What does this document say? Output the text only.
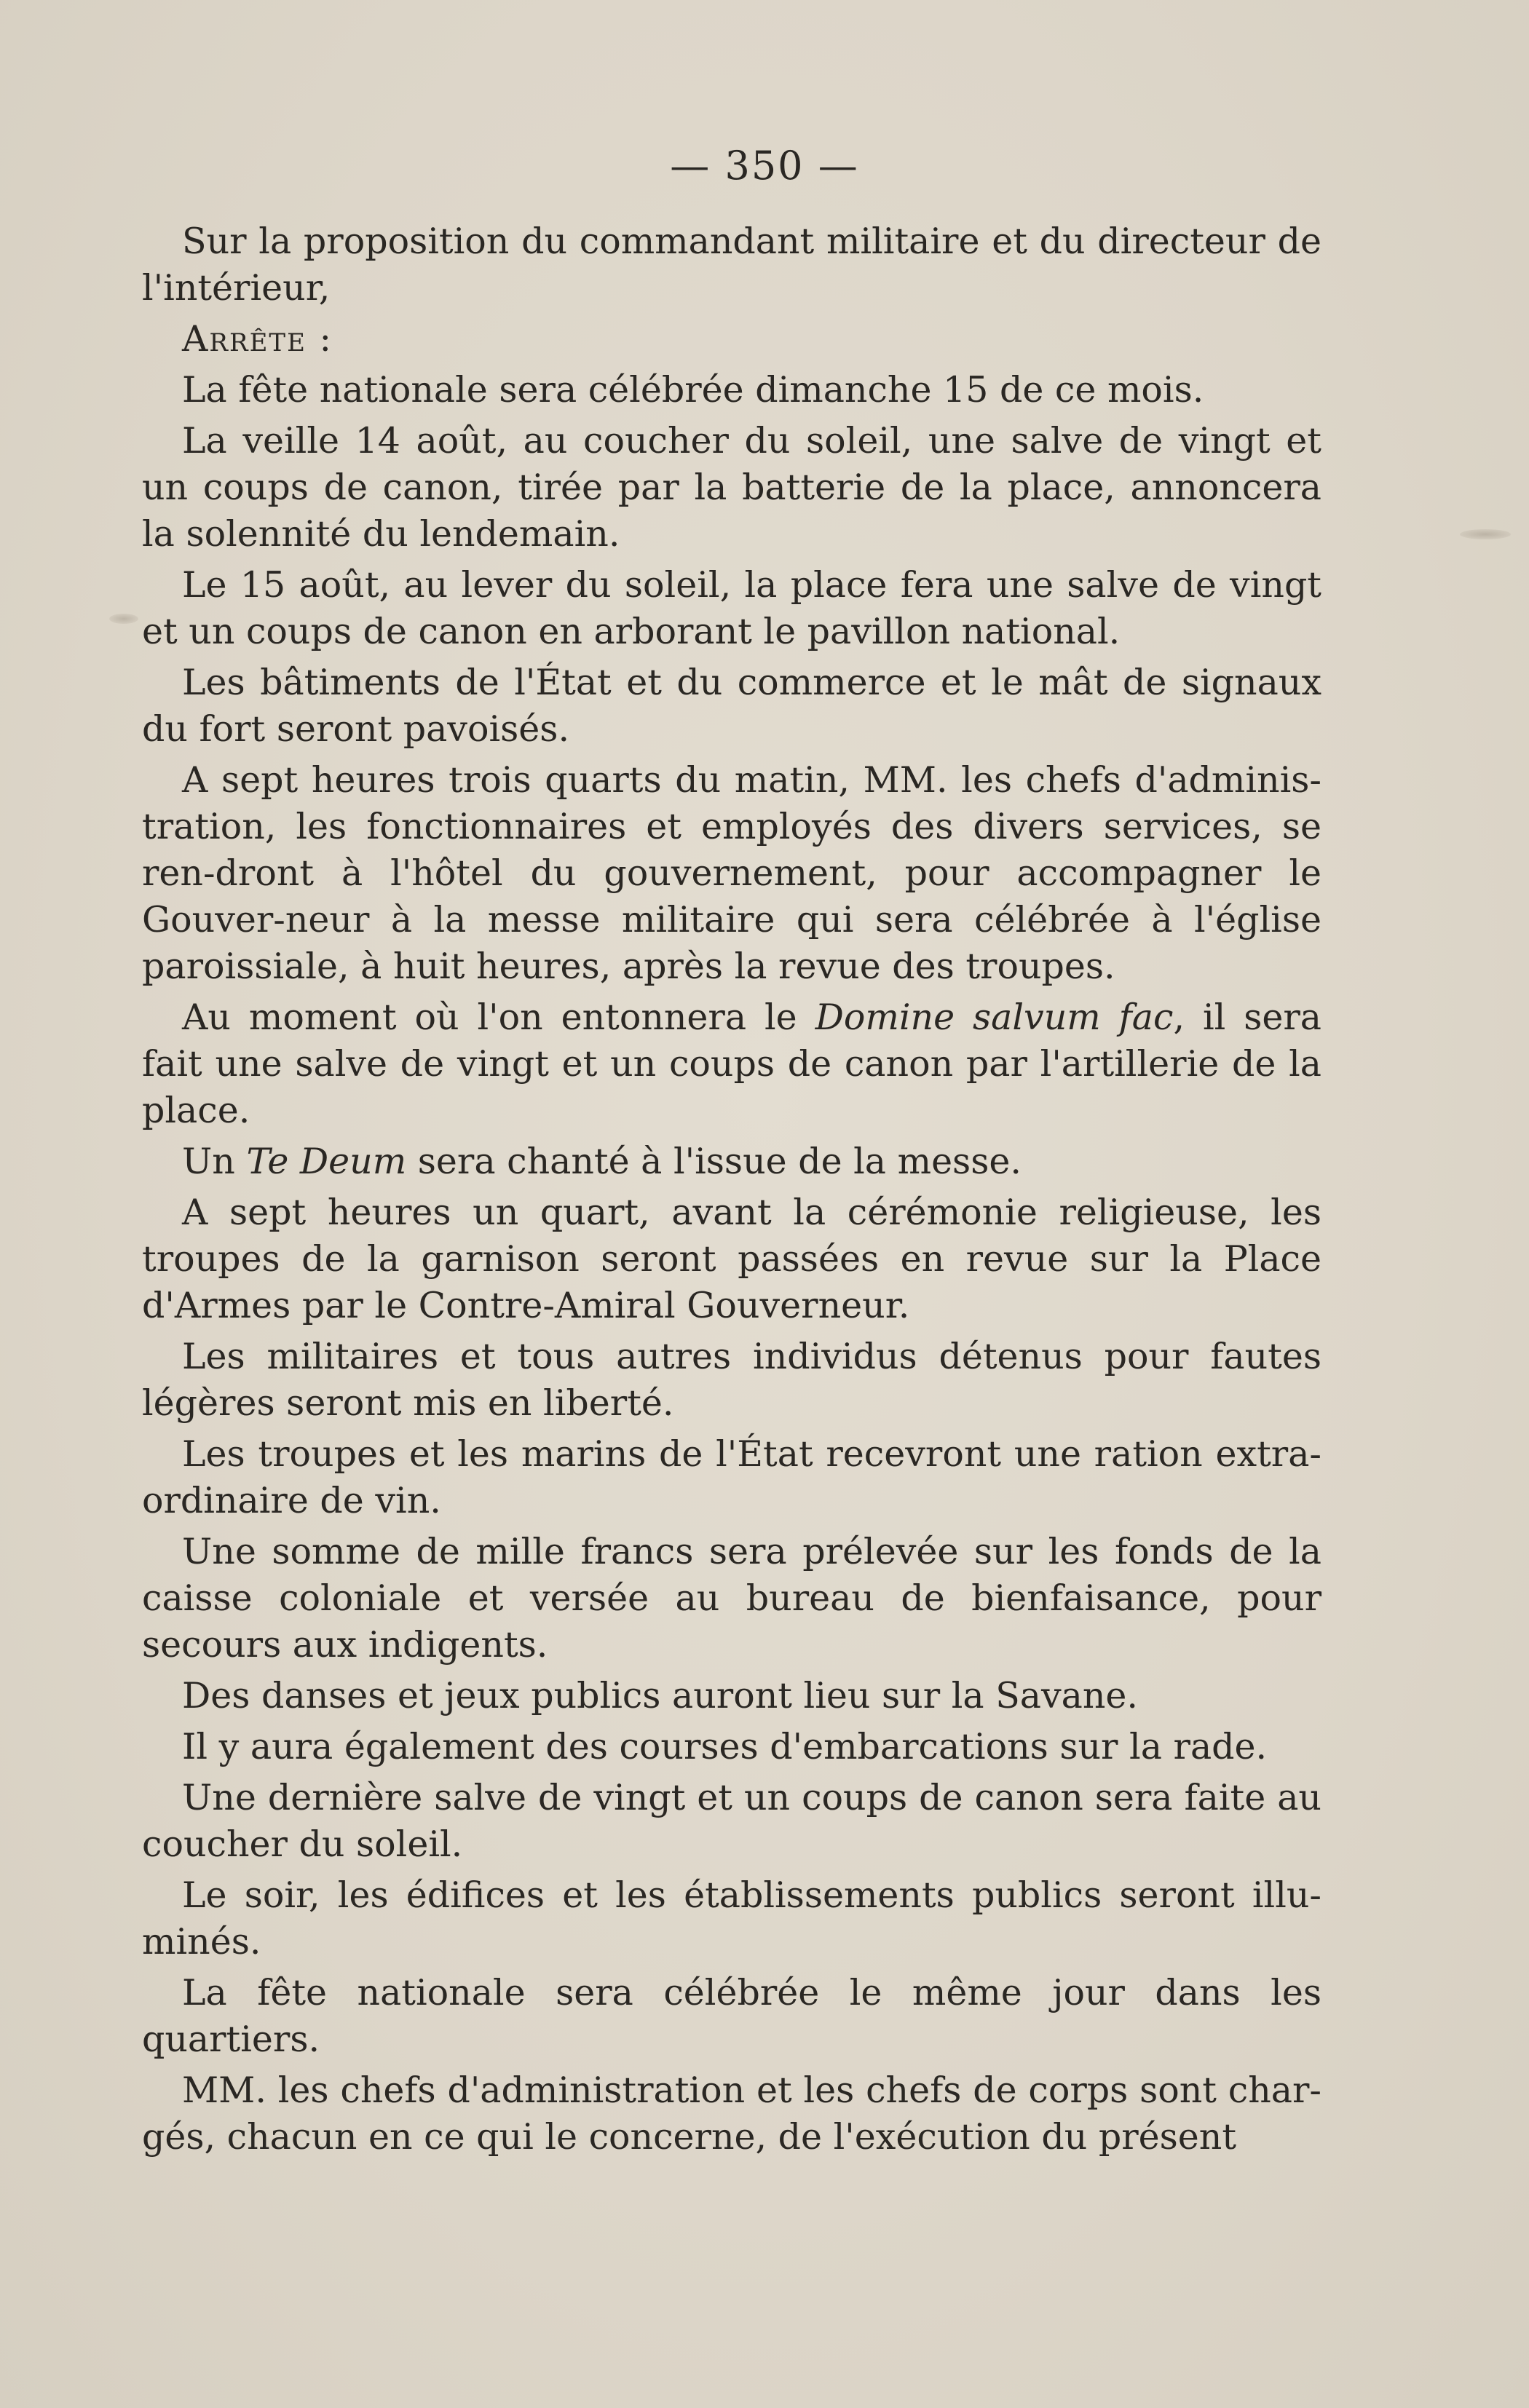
— 350 —

Sur la proposition du commandant militaire et du directeur de l'intérieur,

Arrête :

La fête nationale sera célébrée dimanche 15 de ce mois.

La veille 14 août, au coucher du soleil, une salve de vingt et un coups de canon, tirée par la batterie de la place, annoncera la solennité du lendemain.

Le 15 août, au lever du soleil, la place fera une salve de vingt et un coups de canon en arborant le pavillon national.

Les bâtiments de l'État et du commerce et le mât de signaux du fort seront pavoisés.

A sept heures trois quarts du matin, MM. les chefs d'adminis-tration, les fonctionnaires et employés des divers services, se ren-dront à l'hôtel du gouvernement, pour accompagner le Gouver-neur à la messe militaire qui sera célébrée à l'église paroissiale, à huit heures, après la revue des troupes.

Au moment où l'on entonnera le Domine salvum fac, il sera fait une salve de vingt et un coups de canon par l'artillerie de la place.

Un Te Deum sera chanté à l'issue de la messe.

A sept heures un quart, avant la cérémonie religieuse, les troupes de la garnison seront passées en revue sur la Place d'Armes par le Contre-Amiral Gouverneur.

Les militaires et tous autres individus détenus pour fautes légères seront mis en liberté.

Les troupes et les marins de l'État recevront une ration extra-ordinaire de vin.

Une somme de mille francs sera prélevée sur les fonds de la caisse coloniale et versée au bureau de bienfaisance, pour secours aux indigents.

Des danses et jeux publics auront lieu sur la Savane.

Il y aura également des courses d'embarcations sur la rade.

Une dernière salve de vingt et un coups de canon sera faite au coucher du soleil.

Le soir, les édifices et les établissements publics seront illu-minés.

La fête nationale sera célébrée le même jour dans les quartiers.

MM. les chefs d'administration et les chefs de corps sont char-gés, chacun en ce qui le concerne, de l'exécution du présent
